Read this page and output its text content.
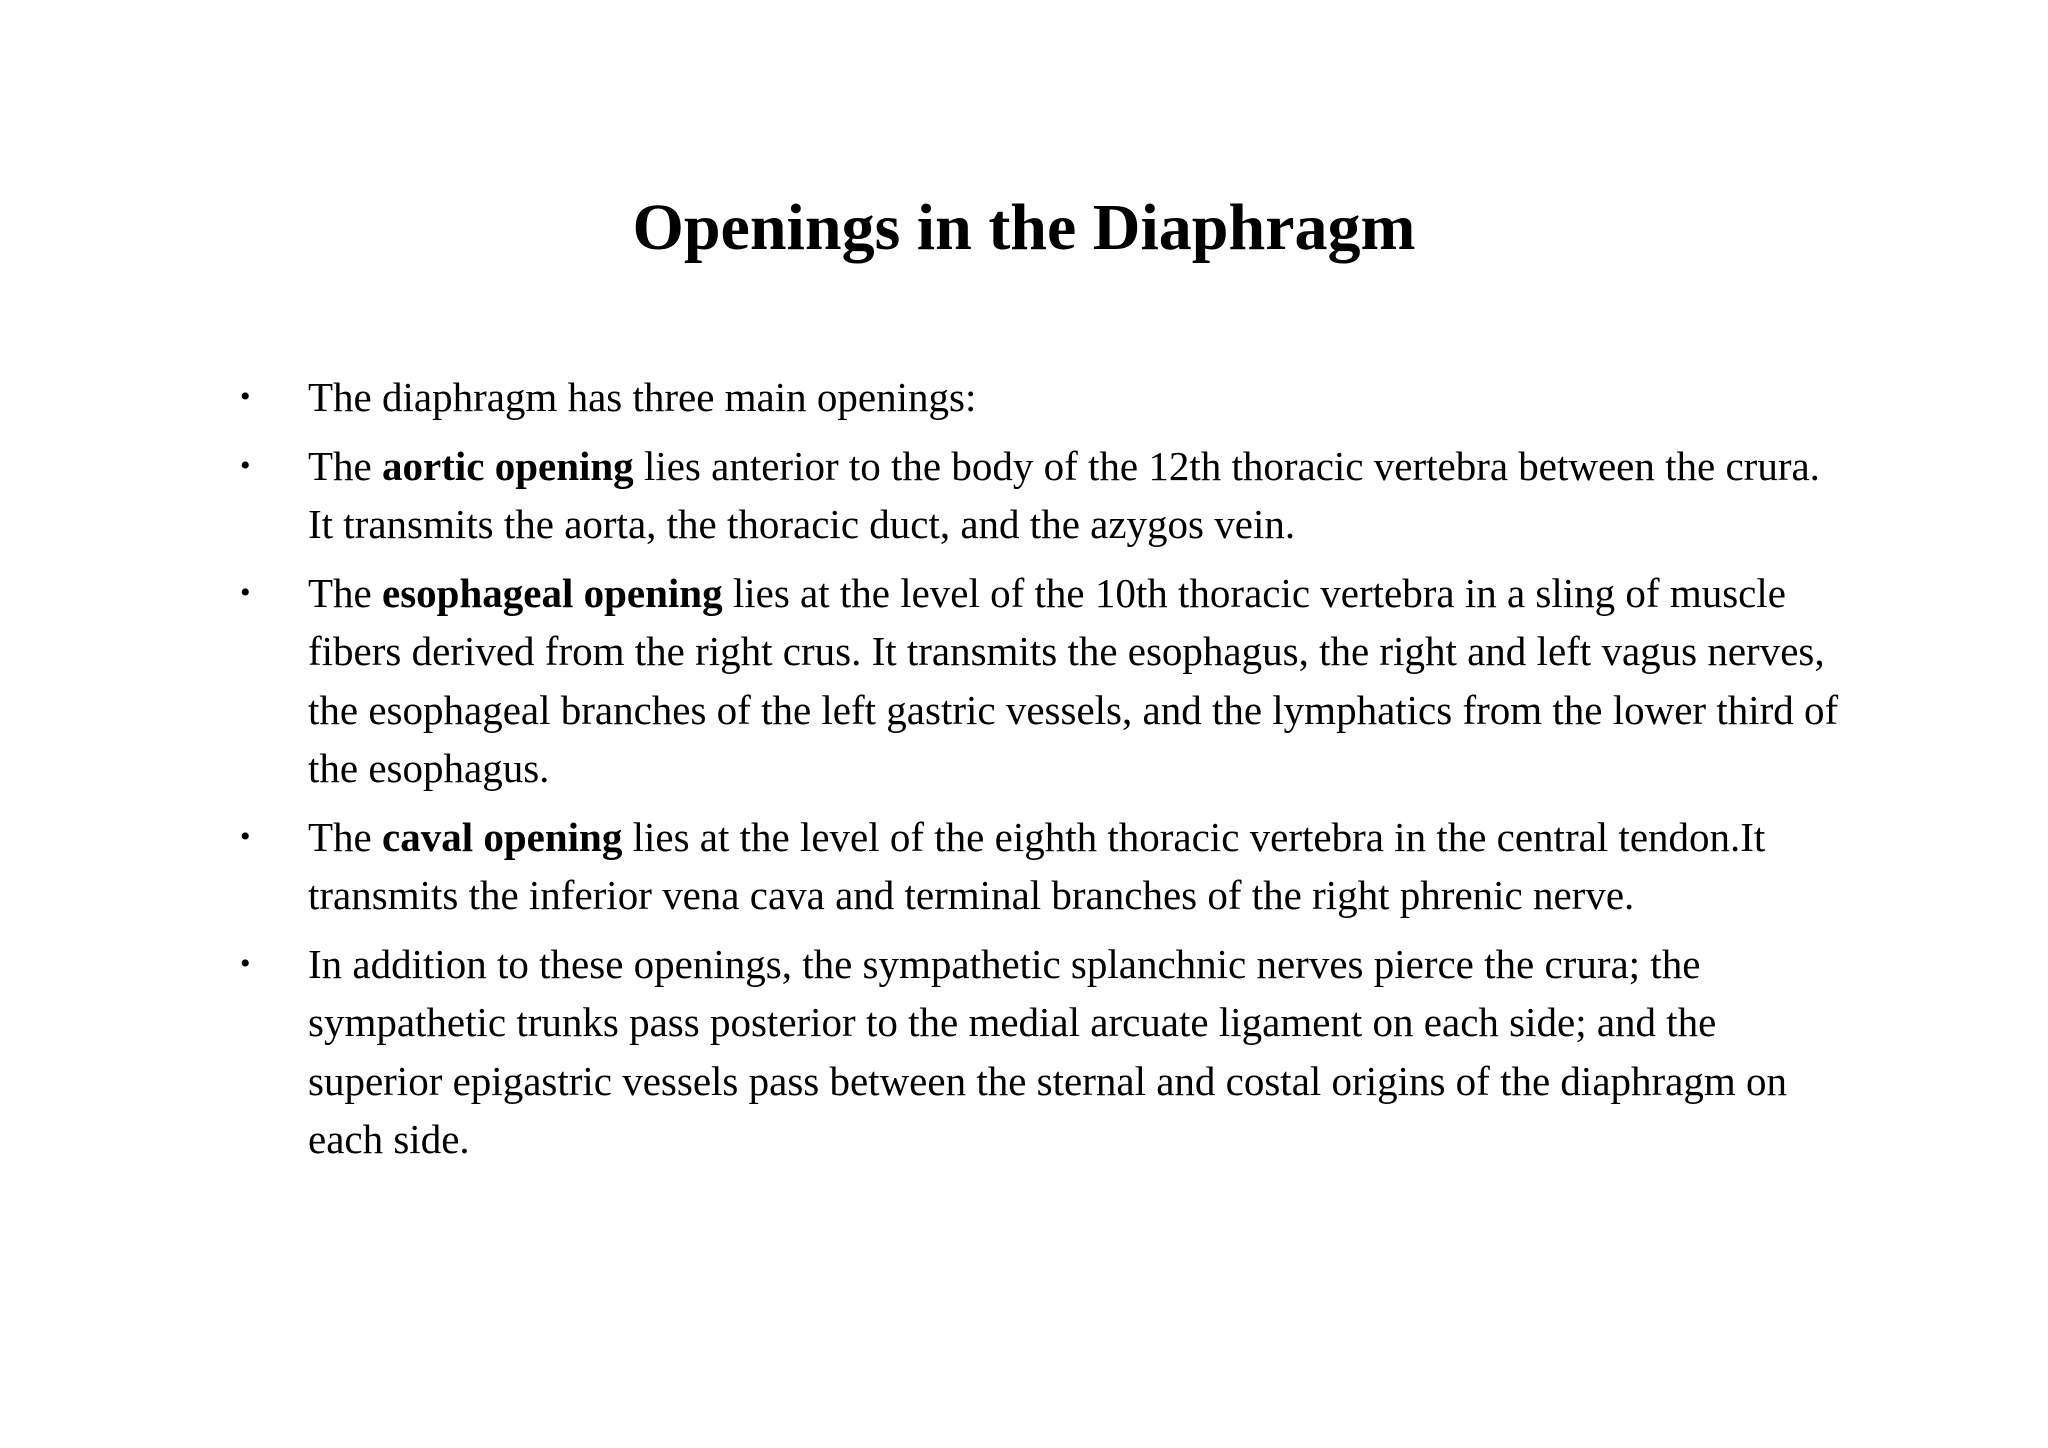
Openings in the Diaphragm
• The diaphragm has three main openings:
• The aortic opening lies anterior to the body of the 12th thoracic vertebra between the crura. It transmits the aorta, the thoracic duct, and the azygos vein.
• The esophageal opening lies at the level of the 10th thoracic vertebra in a sling of muscle fibers derived from the right crus. It transmits the esophagus, the right and left vagus nerves, the esophageal branches of the left gastric vessels, and the lymphatics from the lower third of the esophagus.
• The caval opening lies at the level of the eighth thoracic vertebra in the central tendon.It transmits the inferior vena cava and terminal branches of the right phrenic nerve.
• In addition to these openings, the sympathetic splanchnic nerves pierce the crura; the sympathetic trunks pass posterior to the medial arcuate ligament on each side; and the superior epigastric vessels pass between the sternal and costal origins of the diaphragm on each side.
